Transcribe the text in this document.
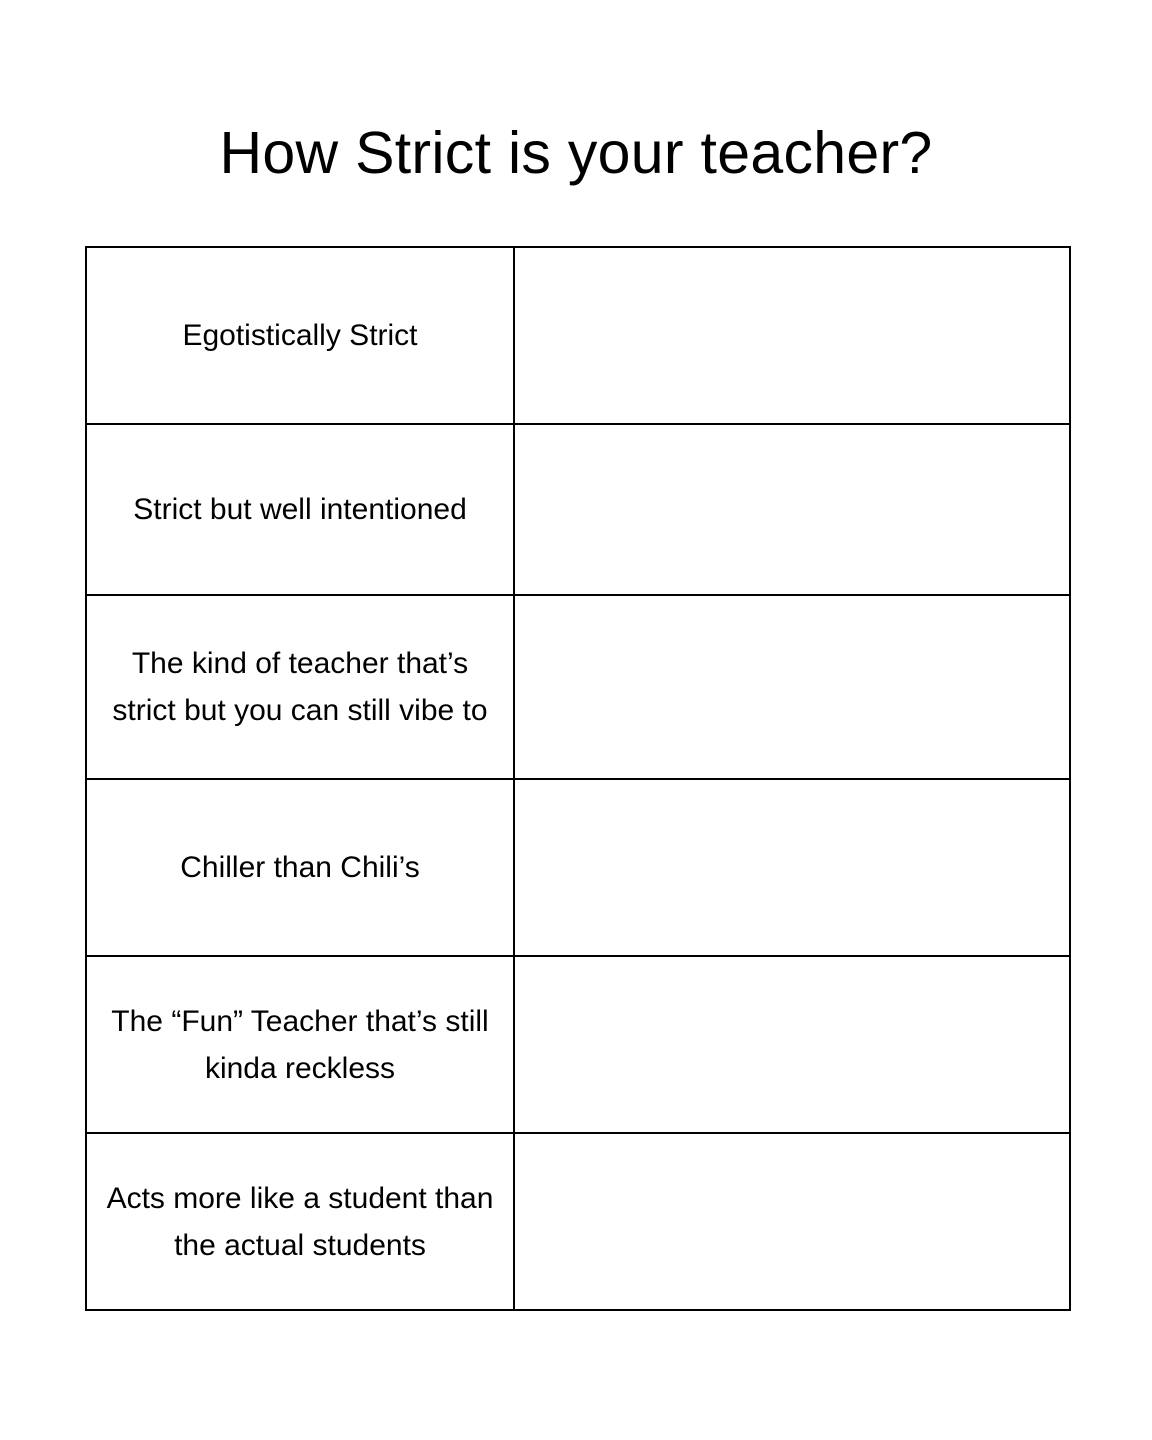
How Strict is your teacher?
Egotistically Strict	
Strict but well intentioned	
The kind of teacher that’s strict but you can still vibe to	
Chiller than Chili’s	
The “Fun” Teacher that’s still kinda reckless	
Acts more like a student than the actual students	
